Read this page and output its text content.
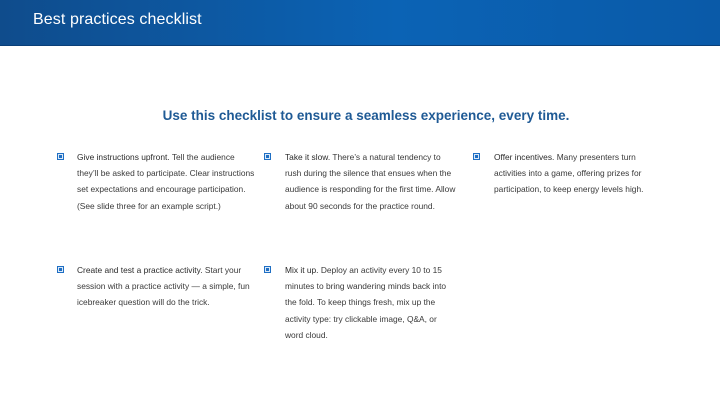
Best practices checklist
Use this checklist to ensure a seamless experience, every time.
Give instructions upfront. Tell the audience they’ll be asked to participate. Clear instructions set expectations and encourage participation. (See slide three for an example script.)
Create and test a practice activity. Start your session with a practice activity — a simple, fun icebreaker question will do the trick.
Take it slow. There’s a natural tendency to rush during the silence that ensues when the audience is responding for the first time. Allow about 90 seconds for the practice round.
Mix it up. Deploy an activity every 10 to 15 minutes to bring wandering minds back into the fold. To keep things fresh, mix up the activity type: try clickable image, Q&A, or word cloud.
Offer incentives. Many presenters turn activities into a game, offering prizes for participation, to keep energy levels high.
